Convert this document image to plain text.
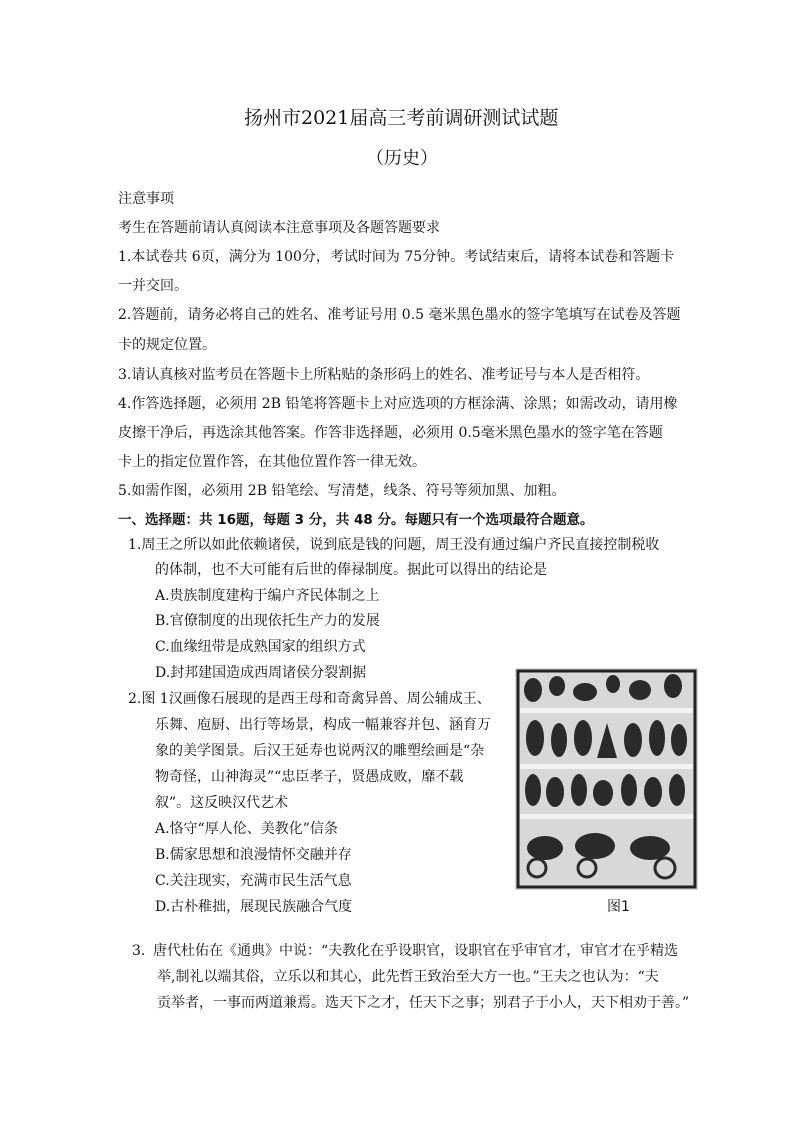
扬州市2021届高三考前调研测试试题
（历史）
注意事项
考生在答题前请认真阅读本注意事项及各题答题要求
1.本试卷共 6页，满分为 100分，考试时间为 75分钟。考试结束后，请将本试卷和答题卡
一并交回。
2.答题前，请务必将自己的姓名、准考证号用 0.5 毫米黑色墨水的签字笔填写在试卷及答题
卡的规定位置。
3.请认真核对监考员在答题卡上所粘贴的条形码上的姓名、准考证号与本人是否相符。
4.作答选择题，必须用 2B 铅笔将答题卡上对应选项的方框涂满、涂黑；如需改动，请用橡
皮擦干净后，再选涂其他答案。作答非选择题，必须用 0.5毫米黑色墨水的签字笔在答题
卡上的指定位置作答，在其他位置作答一律无效。
5.如需作图，必须用 2B 铅笔绘、写清楚，线条、符号等须加黑、加粗。
一、选择题：共 16题，每题 3 分，共 48 分。每题只有一个选项最符合题意。
1.周王之所以如此依赖诸侯，说到底是钱的问题，周王没有通过编户齐民直接控制税收
的体制，也不大可能有后世的俸禄制度。据此可以得出的结论是
A.贵族制度建构于编户齐民体制之上
B.官僚制度的出现依托生产力的发展
C.血缘纽带是成熟国家的组织方式
D.封邦建国造成西周诸侯分裂割据
2.图 1汉画像石展现的是西王母和奇禽异兽、周公辅成王、
乐舞、庖厨、出行等场景，构成一幅兼容并包、涵育万
象的美学图景。后汉王延寿也说两汉的雕塑绘画是“杂
物奇怪，山神海灵”“忠臣孝子，贤愚成败，靡不载
叙”。这反映汉代艺术
A.恪守“厚人伦、美教化”信条
B.儒家思想和浪漫情怀交融并存
C.关注现实，充满市民生活气息
D.古朴稚拙，展现民族融合气度	图1
3. 唐代杜佑在《通典》中说：“夫教化在乎设职官，设职官在乎审官才，审官才在乎精选
举,制礼以端其俗，立乐以和其心，此先哲王致治至大方一也。”王夫之也认为：“夫
贡举者，一事而两道兼焉。选天下之才，任天下之事；别君子于小人，天下相劝于善。”
